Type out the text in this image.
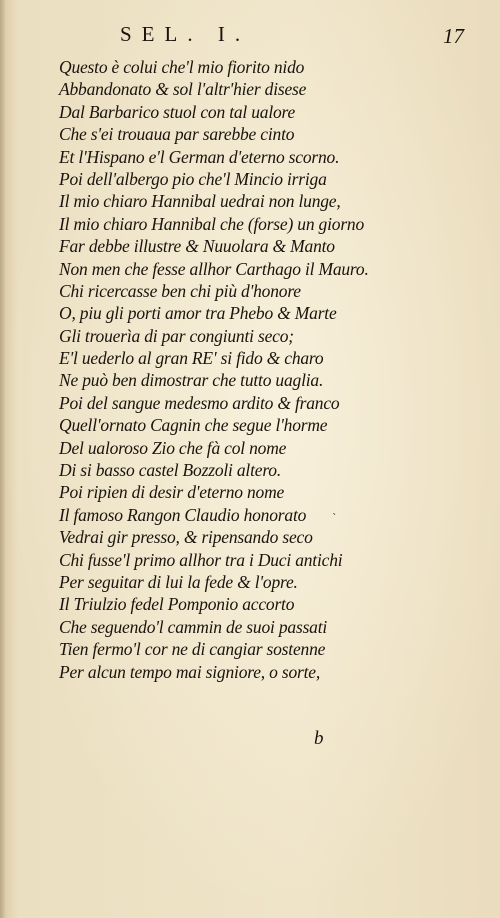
SEL. I.	17
Questo è colui che'l mio fiorito nido
Abbandonato & sol l'altr'hier disese
Dal Barbarico stuol con tal ualore
Che s'ei trouaua par sarebbe cinto
Et l'Hispano e'l German d'eterno scorno.
Poi dell'albergo pio che'l Mincio irriga
Il mio chiaro Hannibal uedrai non lunge,
Il mio chiaro Hannibal che (forse) un giorno
Far debbe illustre & Nuuolara & Manto
Non men che fesse allhor Carthago il Mauro.
Chi ricercasse ben chi più d'honore
O, piu gli porti amor tra Phebo & Marte
Gli trouerìa di par congiunti seco;
E'l uederlo al gran RE' si fido & charo
Ne può ben dimostrar che tutto uaglia.
Poi del sangue medesmo ardito & franco
Quell'ornato Cagnin che segue l'horme
Del ualoroso Zio che fà col nome
Di si basso castel Bozzoli altero.
Poi ripien di desir d'eterno nome
Il famoso Rangon Claudio honorato
Vedrai gir presso, & ripensando seco
Chi fusse'l primo allhor tra i Duci antichi
Per seguitar di lui la fede & l'opre.
Il Triulzio fedel Pomponio accorto
Che seguendo'l cammin de suoi passati
Tien fermo'l cor ne di cangiar sostenne
Per alcun tempo mai signiore, o sorte,
`
b
